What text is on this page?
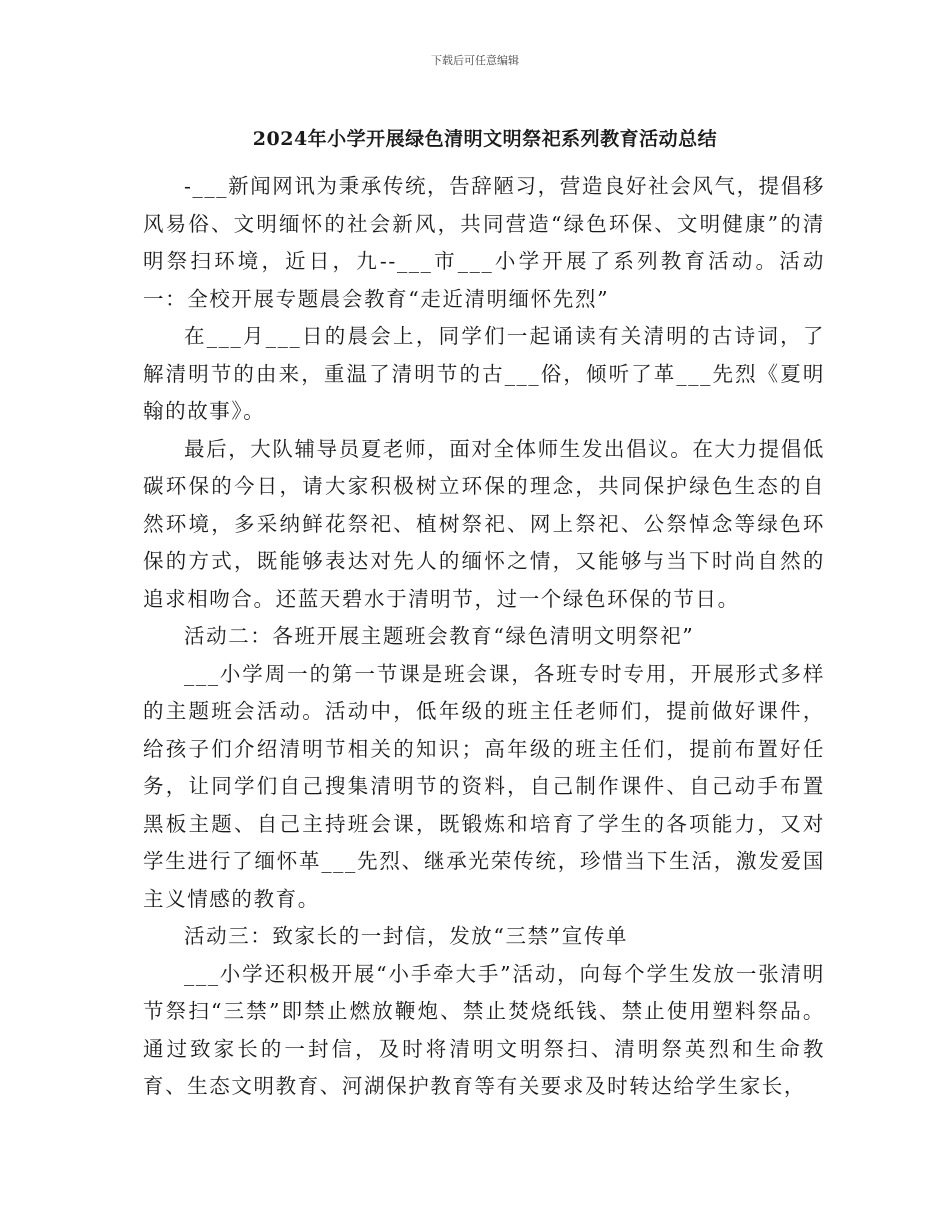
下载后可任意编辑
2024年小学开展绿色清明文明祭祀系列教育活动总结

-___新闻网讯为秉承传统，告辞陋习，营造良好社会风气，提倡移风易俗、文明缅怀的社会新风，共同营造“绿色环保、文明健康”的清明祭扫环境，近日，九--___市___小学开展了系列教育活动。活动一：全校开展专题晨会教育“走近清明缅怀先烈”

在___月___日的晨会上，同学们一起诵读有关清明的古诗词，了解清明节的由来，重温了清明节的古___俗，倾听了革___先烈《夏明翰的故事》。

最后，大队辅导员夏老师，面对全体师生发出倡议。在大力提倡低碳环保的今日，请大家积极树立环保的理念，共同保护绿色生态的自然环境，多采纳鲜花祭祀、植树祭祀、网上祭祀、公祭悼念等绿色环保的方式，既能够表达对先人的缅怀之情，又能够与当下时尚自然的追求相吻合。还蓝天碧水于清明节，过一个绿色环保的节日。

活动二：各班开展主题班会教育“绿色清明文明祭祀”

___小学周一的第一节课是班会课，各班专时专用，开展形式多样的主题班会活动。活动中，低年级的班主任老师们，提前做好课件，给孩子们介绍清明节相关的知识；高年级的班主任们，提前布置好任务，让同学们自己搜集清明节的资料，自己制作课件、自己动手布置黑板主题、自己主持班会课，既锻炼和培育了学生的各项能力，又对学生进行了缅怀革___先烈、继承光荣传统，珍惜当下生活，激发爱国主义情感的教育。

活动三：致家长的一封信，发放“三禁”宣传单

___小学还积极开展“小手牵大手”活动，向每个学生发放一张清明节祭扫“三禁”即禁止燃放鞭炮、禁止焚烧纸钱、禁止使用塑料祭品。通过致家长的一封信，及时将清明文明祭扫、清明祭英烈和生命教育、生态文明教育、河湖保护教育等有关要求及时转达给学生家长，
